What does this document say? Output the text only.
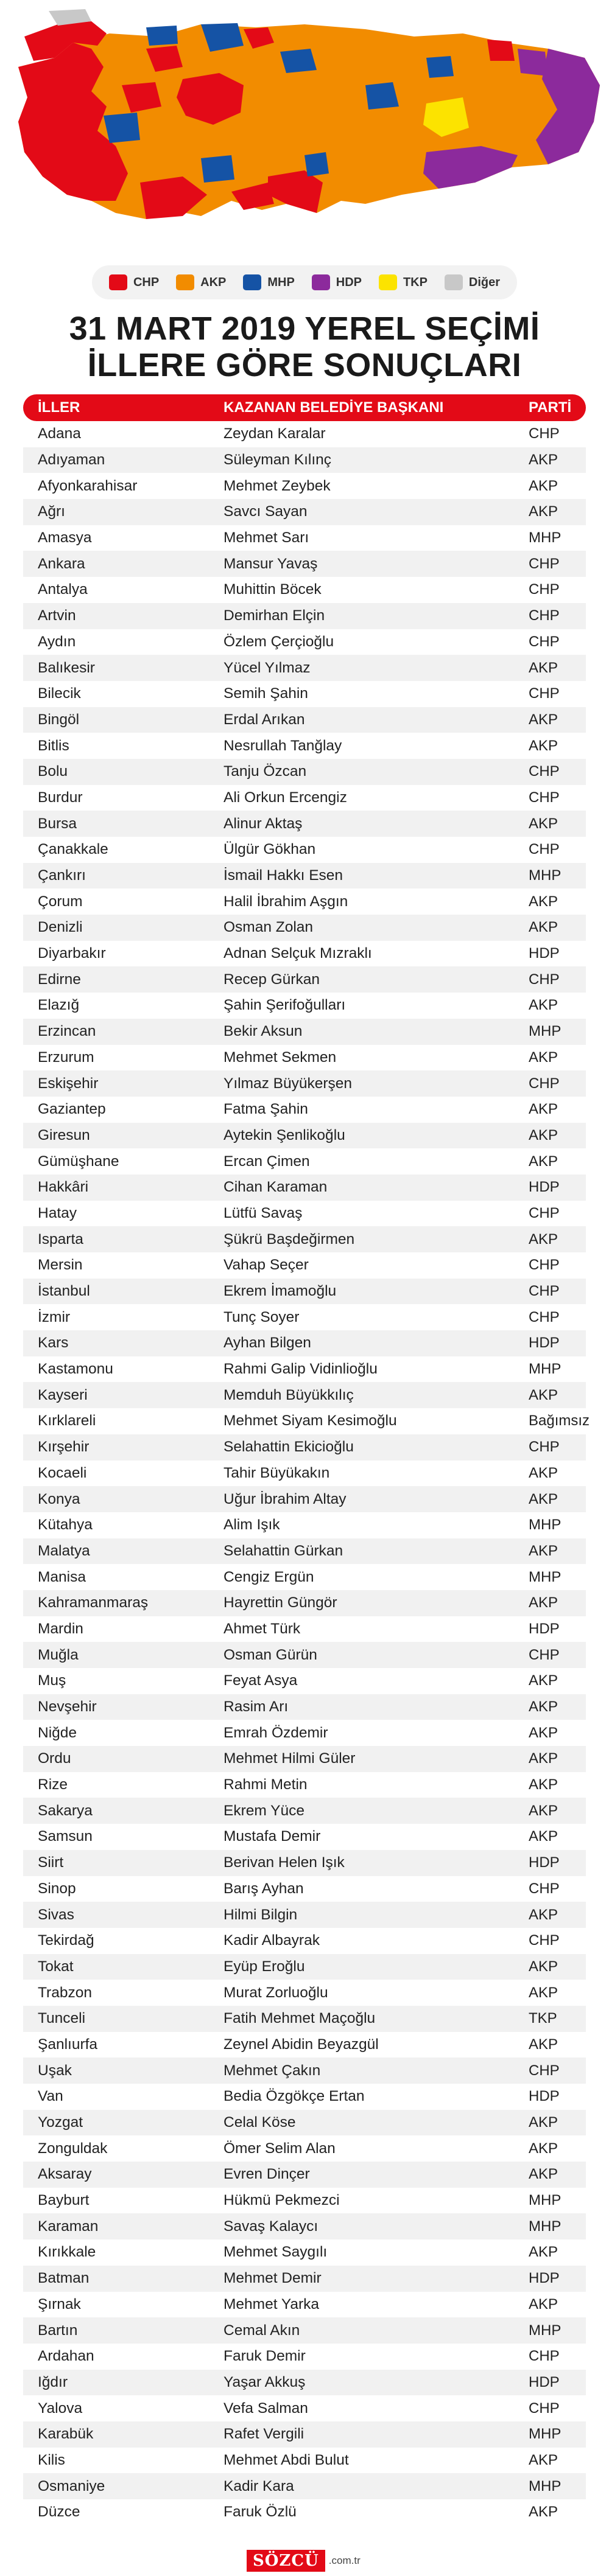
CHP	AKP	MHP	HDP	TKP	Diğer
31 MART 2019 YEREL SEÇİMİ
İLLERE GÖRE SONUÇLARI
İLLER	KAZANAN BELEDİYE BAŞKANI	PARTİ
Adana	Zeydan Karalar	CHP
Adıyaman	Süleyman Kılınç	AKP
Afyonkarahisar	Mehmet Zeybek	AKP
Ağrı	Savcı Sayan	AKP
Amasya	Mehmet Sarı	MHP
Ankara	Mansur Yavaş	CHP
Antalya	Muhittin Böcek	CHP
Artvin	Demirhan Elçin	CHP
Aydın	Özlem Çerçioğlu	CHP
Balıkesir	Yücel Yılmaz	AKP
Bilecik	Semih Şahin	CHP
Bingöl	Erdal Arıkan	AKP
Bitlis	Nesrullah Tanğlay	AKP
Bolu	Tanju Özcan	CHP
Burdur	Ali Orkun Ercengiz	CHP
Bursa	Alinur Aktaş	AKP
Çanakkale	Ülgür Gökhan	CHP
Çankırı	İsmail Hakkı Esen	MHP
Çorum	Halil İbrahim Aşgın	AKP
Denizli	Osman Zolan	AKP
Diyarbakır	Adnan Selçuk Mızraklı	HDP
Edirne	Recep Gürkan	CHP
Elazığ	Şahin Şerifoğulları	AKP
Erzincan	Bekir Aksun	MHP
Erzurum	Mehmet Sekmen	AKP
Eskişehir	Yılmaz Büyükerşen	CHP
Gaziantep	Fatma Şahin	AKP
Giresun	Aytekin Şenlikoğlu	AKP
Gümüşhane	Ercan Çimen	AKP
Hakkâri	Cihan Karaman	HDP
Hatay	Lütfü Savaş	CHP
Isparta	Şükrü Başdeğirmen	AKP
Mersin	Vahap Seçer	CHP
İstanbul	Ekrem İmamoğlu	CHP
İzmir	Tunç Soyer	CHP
Kars	Ayhan Bilgen	HDP
Kastamonu	Rahmi Galip Vidinlioğlu	MHP
Kayseri	Memduh Büyükkılıç	AKP
Kırklareli	Mehmet Siyam Kesimoğlu	Bağımsız
Kırşehir	Selahattin Ekicioğlu	CHP
Kocaeli	Tahir Büyükakın	AKP
Konya	Uğur İbrahim Altay	AKP
Kütahya	Alim Işık	MHP
Malatya	Selahattin Gürkan	AKP
Manisa	Cengiz Ergün	MHP
Kahramanmaraş	Hayrettin Güngör	AKP
Mardin	Ahmet Türk	HDP
Muğla	Osman Gürün	CHP
Muş	Feyat Asya	AKP
Nevşehir	Rasim Arı	AKP
Niğde	Emrah Özdemir	AKP
Ordu	Mehmet Hilmi Güler	AKP
Rize	Rahmi Metin	AKP
Sakarya	Ekrem Yüce	AKP
Samsun	Mustafa Demir	AKP
Siirt	Berivan Helen Işık	HDP
Sinop	Barış Ayhan	CHP
Sivas	Hilmi Bilgin	AKP
Tekirdağ	Kadir Albayrak	CHP
Tokat	Eyüp Eroğlu	AKP
Trabzon	Murat Zorluoğlu	AKP
Tunceli	Fatih Mehmet Maçoğlu	TKP
Şanlıurfa	Zeynel Abidin Beyazgül	AKP
Uşak	Mehmet Çakın	CHP
Van	Bedia Özgökçe Ertan	HDP
Yozgat	Celal Köse	AKP
Zonguldak	Ömer Selim Alan	AKP
Aksaray	Evren Dinçer	AKP
Bayburt	Hükmü Pekmezci	MHP
Karaman	Savaş Kalaycı	MHP
Kırıkkale	Mehmet Saygılı	AKP
Batman	Mehmet Demir	HDP
Şırnak	Mehmet Yarka	AKP
Bartın	Cemal Akın	MHP
Ardahan	Faruk Demir	CHP
Iğdır	Yaşar Akkuş	HDP
Yalova	Vefa Salman	CHP
Karabük	Rafet Vergili	MHP
Kilis	Mehmet Abdi Bulut	AKP
Osmaniye	Kadir Kara	MHP
Düzce	Faruk Özlü	AKP
SÖZCÜ .com.tr
